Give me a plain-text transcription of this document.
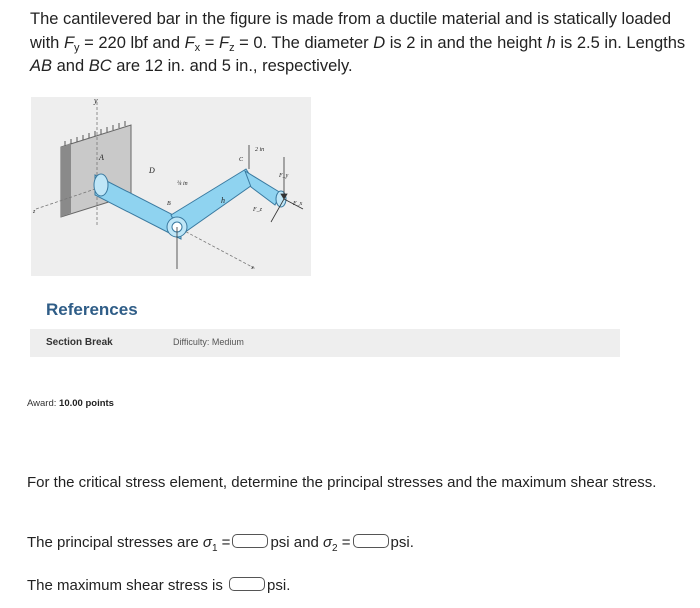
The cantilevered bar in the figure is made from a ductile material and is statically loaded with $F_y = 220$ lbf and $F_x = F_z = 0$. The diameter D is 2 in and the height h is 2.5 in. Lengths AB and BC are 12 in. and 5 in., respectively.
y
A
D
¼ in
B	h
C
2 in
F_y
F_z
F_x
z
x
References
Section Break	Difficulty: Medium
Award: 10.00 points
For the critical stress element, determine the principal stresses and the maximum shear stress.
The principal stresses are $\sigma_1$ =	psi and $\sigma_2$ =	psi.
The maximum shear stress is	psi.
